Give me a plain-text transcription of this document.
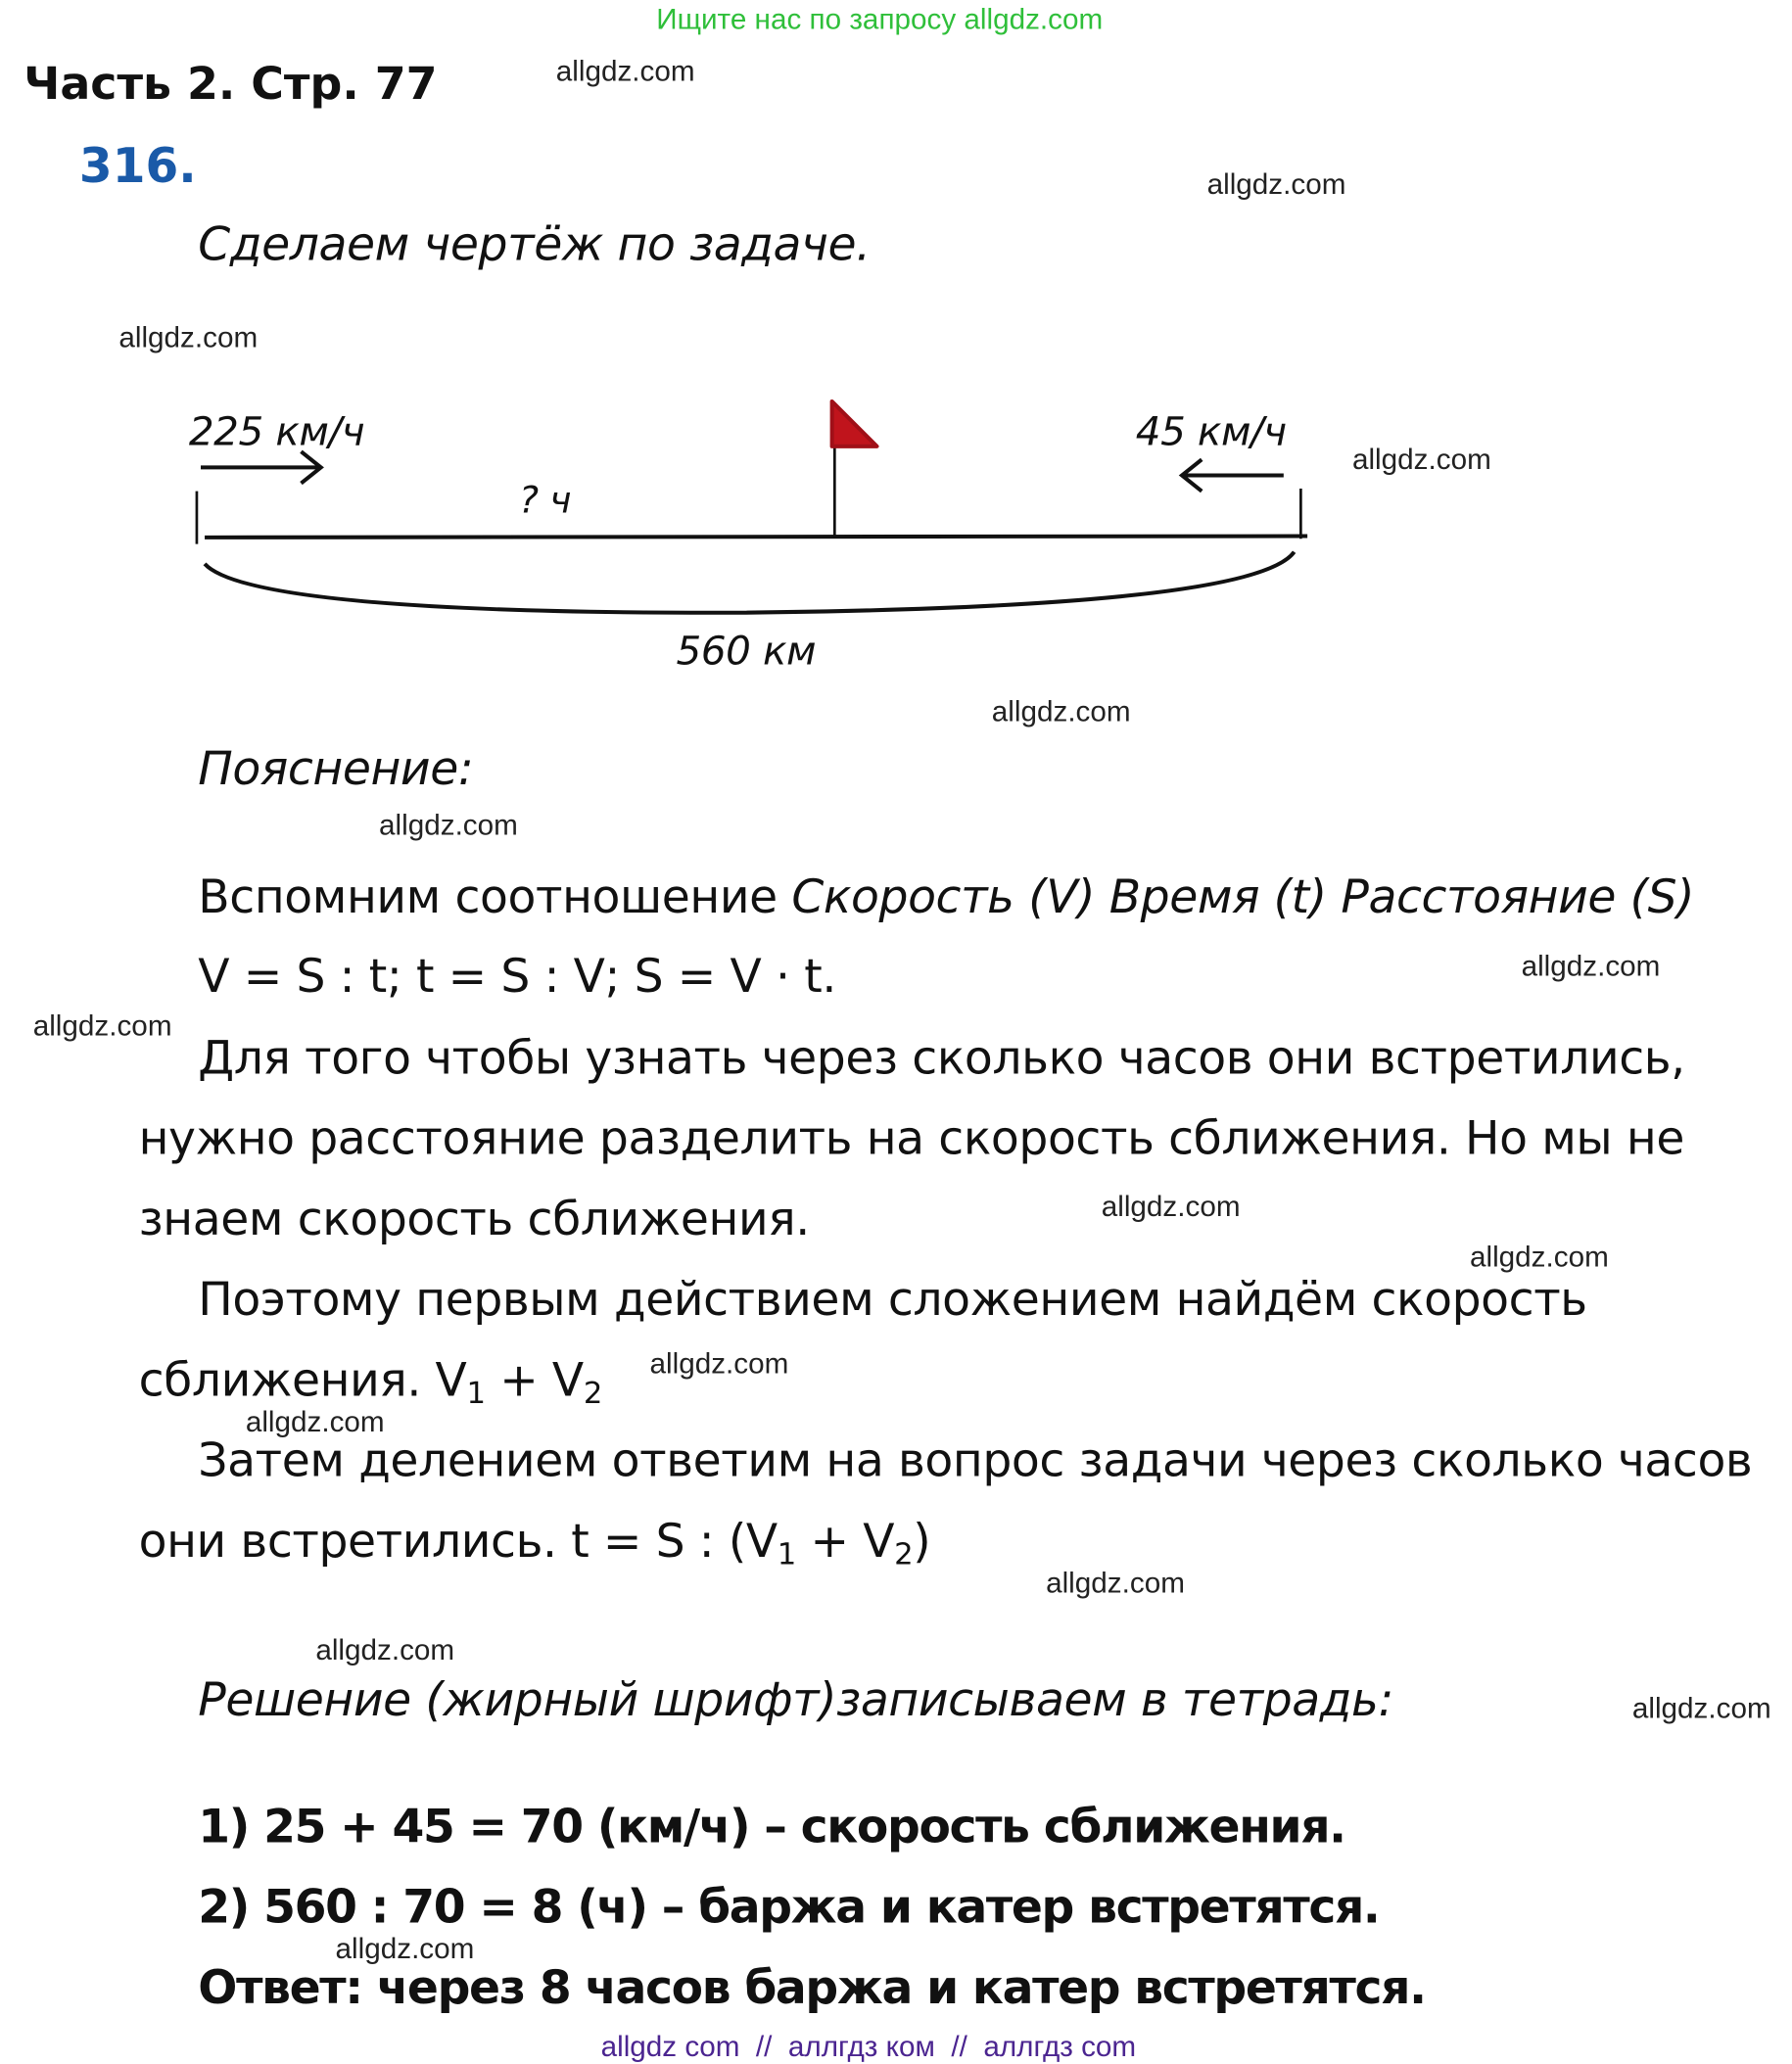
Ищите нас по запросу allgdz.com
Часть 2. Стр. 77
316.
Сделаем чертёж по задаче.
225 км/ч	45 км/ч
? ч
560 км
Пояснение:
Вспомним соотношение Скорость (V) Время (t) Расстояние (S)
V = S : t; t = S : V; S = V · t.
Для того чтобы узнать через сколько часов они встретились,
нужно расстояние разделить на скорость сближения. Но мы не
знаем скорость сближения.
Поэтому первым действием сложением найдём скорость
сближения. $V_1 + V_2$
Затем делением ответим на вопрос задачи через сколько часов
они встретились. t = S : $(V_1 + V_2)$
Решение (жирный шрифт)записываем в тетрадь:
1) 25 + 45 = 70 (км/ч) – скорость сближения.
2) 560 : 70 = 8 (ч) – баржа и катер встретятся.
Ответ: через 8 часов баржа и катер встретятся.
allgdz.com
allgdz.com
allgdz.com
allgdz.com
allgdz.com
allgdz.com
allgdz.com
allgdz.com
allgdz.com
allgdz.com
allgdz.com
allgdz.com
allgdz.com
allgdz.com
allgdz.com
allgdz.com
allgdz com  //  аллгдз ком  //  аллгдз com
